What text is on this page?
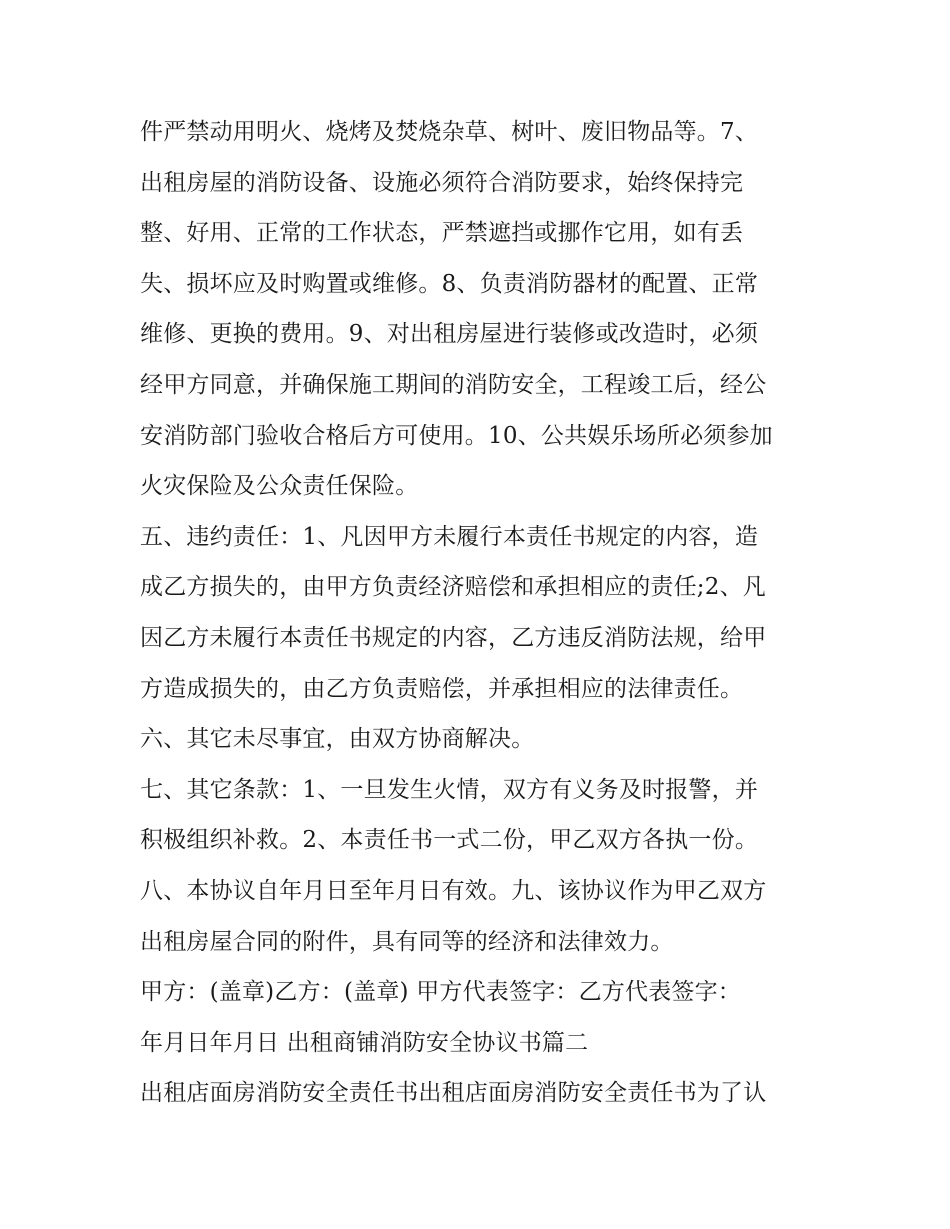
件严禁动用明火、烧烤及焚烧杂草、树叶、废旧物品等。7、
出租房屋的消防设备、设施必须符合消防要求，始终保持完
整、好用、正常的工作状态，严禁遮挡或挪作它用，如有丢
失、损坏应及时购置或维修。8、负责消防器材的配置、正常
维修、更换的费用。9、对出租房屋进行装修或改造时，必须
经甲方同意，并确保施工期间的消防安全，工程竣工后，经公
安消防部门验收合格后方可使用。10、公共娱乐场所必须参加
火灾保险及公众责任保险。
五、违约责任：1、凡因甲方未履行本责任书规定的内容，造
成乙方损失的，由甲方负责经济赔偿和承担相应的责任;2、凡
因乙方未履行本责任书规定的内容，乙方违反消防法规，给甲
方造成损失的，由乙方负责赔偿，并承担相应的法律责任。
六、其它未尽事宜，由双方协商解决。
七、其它条款：1、一旦发生火情，双方有义务及时报警，并
积极组织补救。2、本责任书一式二份，甲乙双方各执一份。
八、本协议自年月日至年月日有效。九、该协议作为甲乙双方
出租房屋合同的附件，具有同等的经济和法律效力。
甲方：(盖章)乙方：(盖章) 甲方代表签字：乙方代表签字：
年月日年月日 出租商铺消防安全协议书篇二
出租店面房消防安全责任书出租店面房消防安全责任书为了认
